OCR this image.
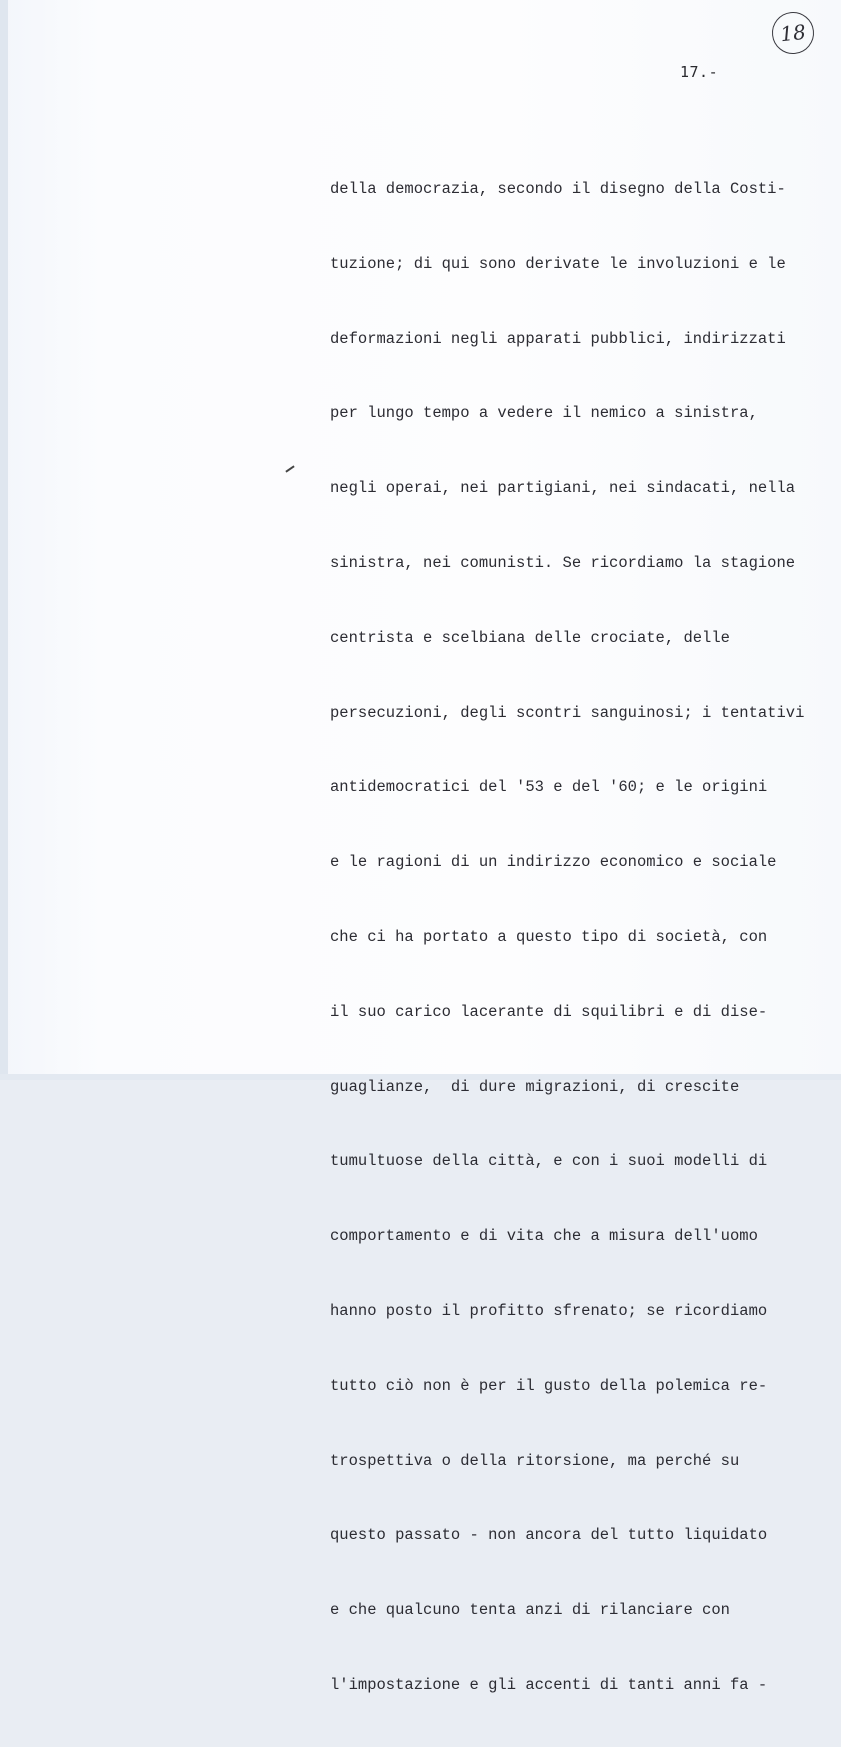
18
17.-

della democrazia, secondo il disegno della Costi-

tuzione; di qui sono derivate le involuzioni e le

deformazioni negli apparati pubblici, indirizzati

per lungo tempo a vedere il nemico a sinistra,

negli operai, nei partigiani, nei sindacati, nella

sinistra, nei comunisti. Se ricordiamo la stagione

centrista e scelbiana delle crociate, delle

persecuzioni, degli scontri sanguinosi; i tentativi

antidemocratici del '53 e del '60; e le origini

e le ragioni di un indirizzo economico e sociale

che ci ha portato a questo tipo di società, con

il suo carico lacerante di squilibri e di dise-

guaglianze,  di dure migrazioni, di crescite

tumultuose della città, e con i suoi modelli di

comportamento e di vita che a misura dell'uomo

hanno posto il profitto sfrenato; se ricordiamo

tutto ciò non è per il gusto della polemica re-

trospettiva o della ritorsione, ma perché su

questo passato - non ancora del tutto liquidato

e che qualcuno tenta anzi di rilanciare con

l'impostazione e gli accenti di tanti anni fa -
